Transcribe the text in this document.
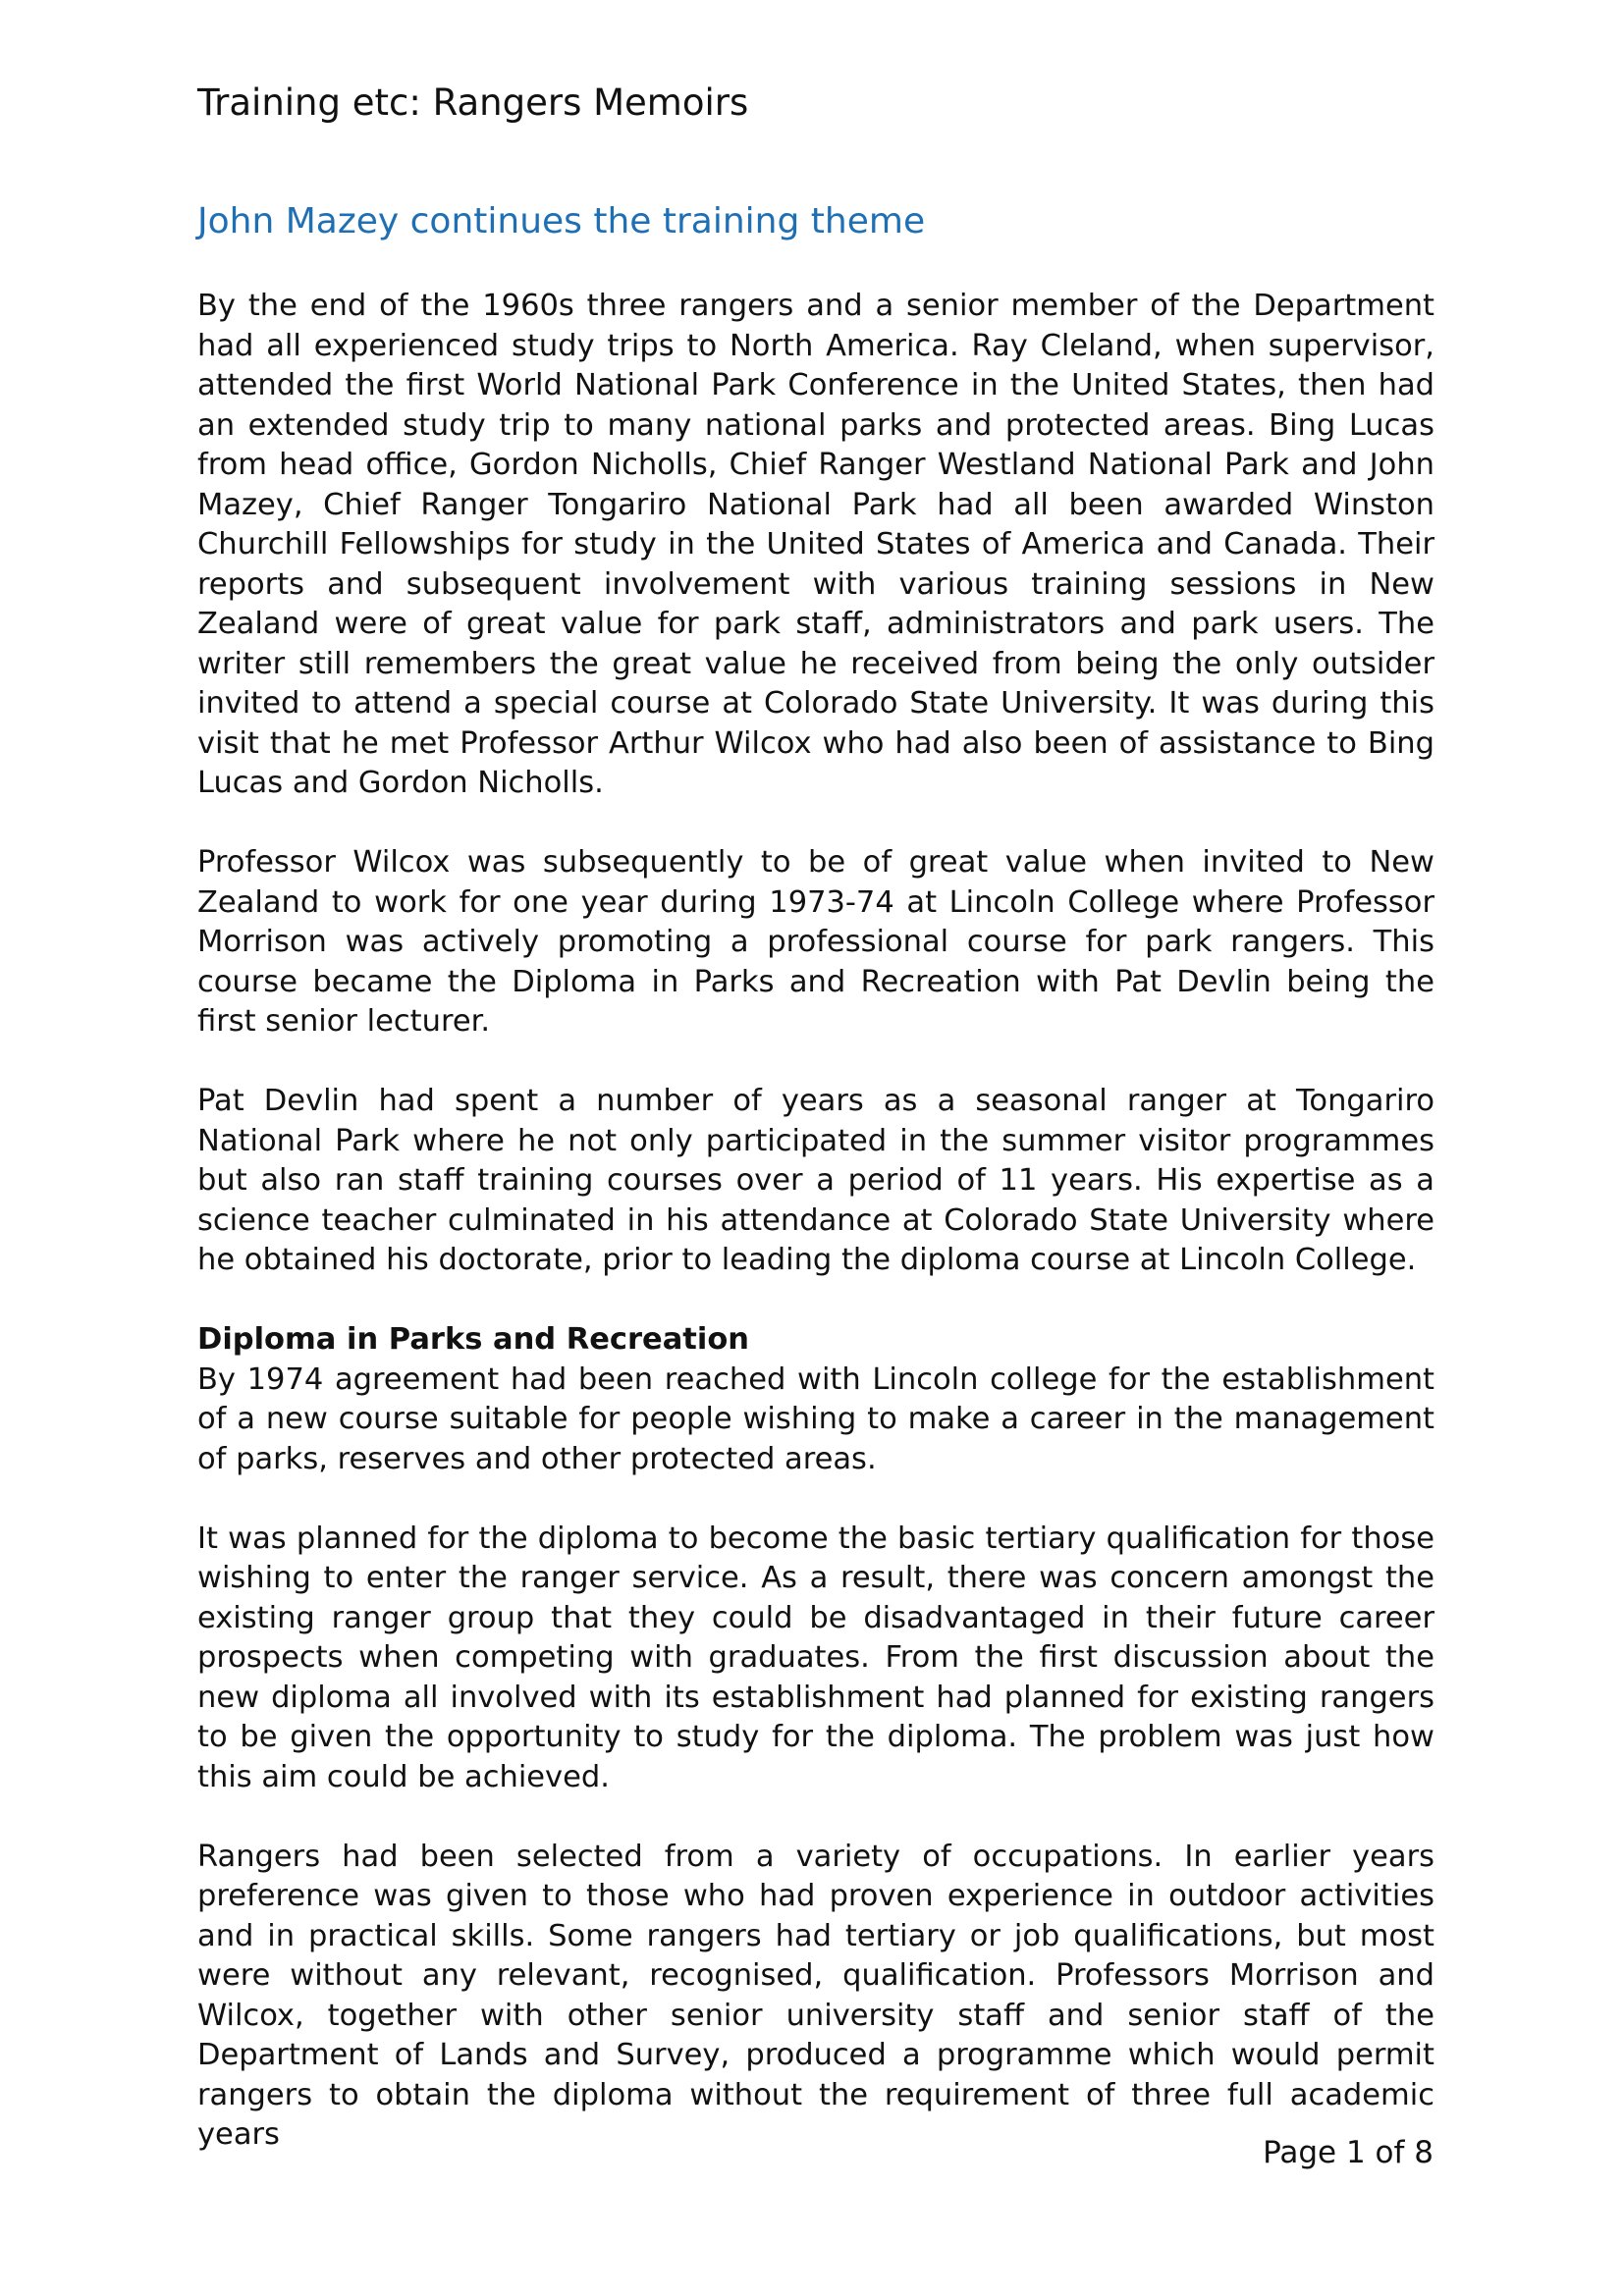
Training etc: Rangers Memoirs
John Mazey continues the training theme

By the end of the 1960s three rangers and a senior member of the Department had all experienced study trips to North America. Ray Cleland, when supervisor, attended the first World National Park Conference in the United States, then had an extended study trip to many national parks and protected areas. Bing Lucas from head office, Gordon Nicholls, Chief Ranger Westland National Park and John Mazey, Chief Ranger Tongariro National Park had all been awarded Winston Churchill Fellowships for study in the United States of America and Canada. Their reports and subsequent involvement with various training sessions in New Zealand were of great value for park staff, administrators and park users. The writer still remembers the great value he received from being the only outsider invited to attend a special course at Colorado State University. It was during this visit that he met Professor Arthur Wilcox who had also been of assistance to Bing Lucas and Gordon Nicholls.

Professor Wilcox was subsequently to be of great value when invited to New Zealand to work for one year during 1973-74 at Lincoln College where Professor Morrison was actively promoting a professional course for park rangers. This course became the Diploma in Parks and Recreation with Pat Devlin being the first senior lecturer.

Pat Devlin had spent a number of years as a seasonal ranger at Tongariro National Park where he not only participated in the summer visitor programmes but also ran staff training courses over a period of 11 years. His expertise as a science teacher culminated in his attendance at Colorado State University where he obtained his doctorate, prior to leading the diploma course at Lincoln College.

Diploma in Parks and Recreation

By 1974 agreement had been reached with Lincoln college for the establishment of a new course suitable for people wishing to make a career in the management of parks, reserves and other protected areas.

It was planned for the diploma to become the basic tertiary qualification for those wishing to enter the ranger service. As a result, there was concern amongst the existing ranger group that they could be disadvantaged in their future career prospects when competing with graduates. From the first discussion about the new diploma all involved with its establishment had planned for existing rangers to be given the opportunity to study for the diploma. The problem was just how this aim could be achieved.

Rangers had been selected from a variety of occupations. In earlier years preference was given to those who had proven experience in outdoor activities and in practical skills. Some rangers had tertiary or job qualifications, but most were without any relevant, recognised, qualification. Professors Morrison and Wilcox, together with other senior university staff and senior staff of the Department of Lands and Survey, produced a programme which would permit rangers to obtain the diploma without the requirement of three full academic years

Page 1 of 8
